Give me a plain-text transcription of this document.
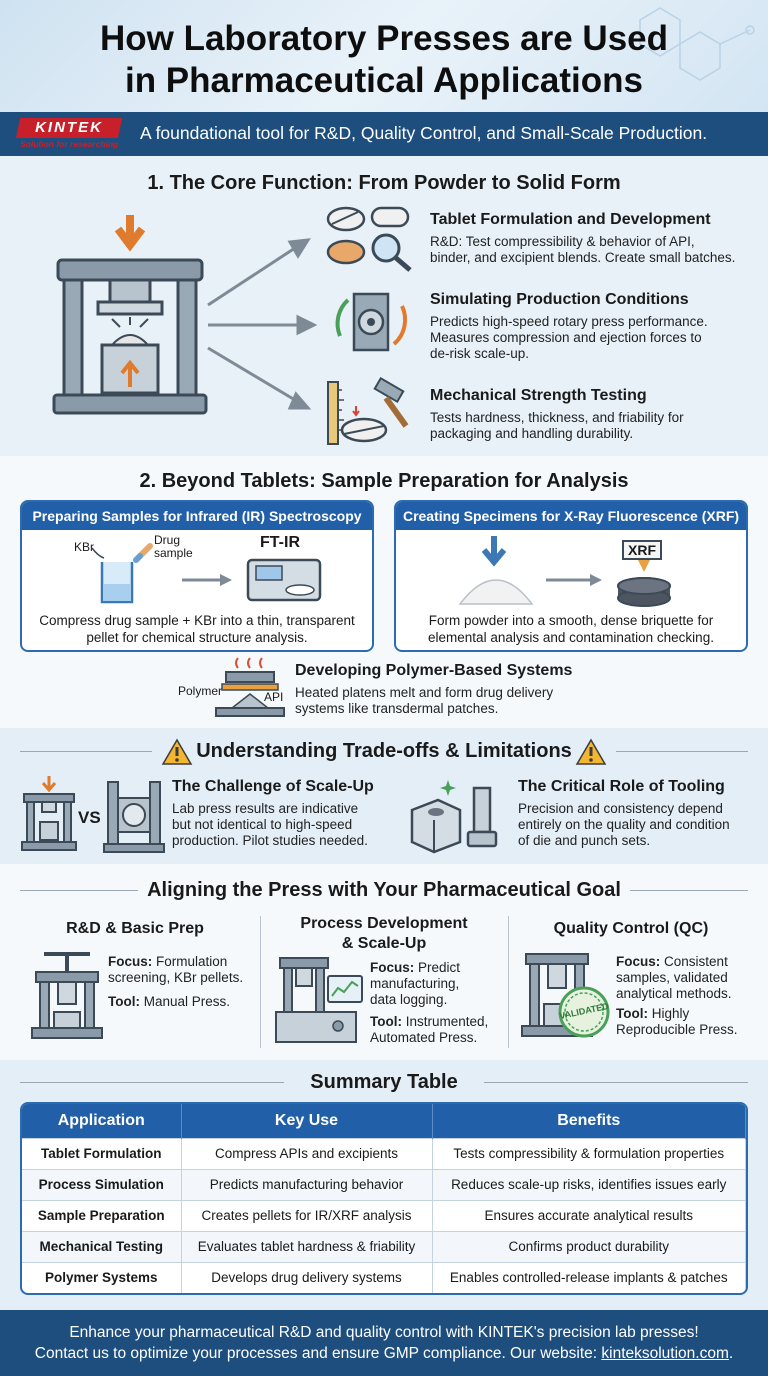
How Laboratory Presses are Used
in Pharmaceutical Applications
KINTEK
Solution for researching
A foundational tool for R&D, Quality Control, and Small-Scale Production.
1. The Core Function: From Powder to Solid Form
Tablet Formulation and Development
R&D: Test compressibility & behavior of API,
binder, and excipient blends. Create small batches.
Simulating Production Conditions
Predicts high-speed rotary press performance.
Measures compression and ejection forces to
de-risk scale-up.
Mechanical Strength Testing
Tests hardness, thickness, and friability for
packaging and handling durability.
2. Beyond Tablets: Sample Preparation for Analysis
Preparing Samples for Infrared (IR) Spectroscopy
KBr	Drug
sample
FT-IR
Compress drug sample + KBr into a thin, transparent
pellet for chemical structure analysis.
Creating Specimens for X-Ray Fluorescence (XRF)
XRF
Form powder into a smooth, dense briquette for
elemental analysis and contamination checking.
Polymer	API
Developing Polymer-Based Systems
Heated platens melt and form drug delivery
systems like transdermal patches.
Understanding Trade-offs & Limitations
VS
The Challenge of Scale-Up
Lab press results are indicative
but not identical to high-speed
production. Pilot studies needed.
The Critical Role of Tooling
Precision and consistency depend
entirely on the quality and condition
of die and punch sets.
Aligning the Press with Your Pharmaceutical Goal
R&D & Basic Prep
Focus: Formulation
screening, KBr pellets.
Tool: Manual Press.
Process Development
& Scale-Up
Focus: Predict
manufacturing,
data logging.
Tool: Instrumented,
Automated Press.
Quality Control (QC)
VALIDATED
Focus: Consistent
samples, validated
analytical methods.
Tool: Highly
Reproducible Press.
Summary Table
Application	Key Use	Benefits
Tablet Formulation	Compress APIs and excipients	Tests compressibility & formulation properties
Process Simulation	Predicts manufacturing behavior	Reduces scale-up risks, identifies issues early
Sample Preparation	Creates pellets for IR/XRF analysis	Ensures accurate analytical results
Mechanical Testing	Evaluates tablet hardness & friability	Confirms product durability
Polymer Systems	Develops drug delivery systems	Enables controlled-release implants & patches
Enhance your pharmaceutical R&D and quality control with KINTEK's precision lab presses!
Contact us to optimize your processes and ensure GMP compliance. Our website: kinteksolution.com.
